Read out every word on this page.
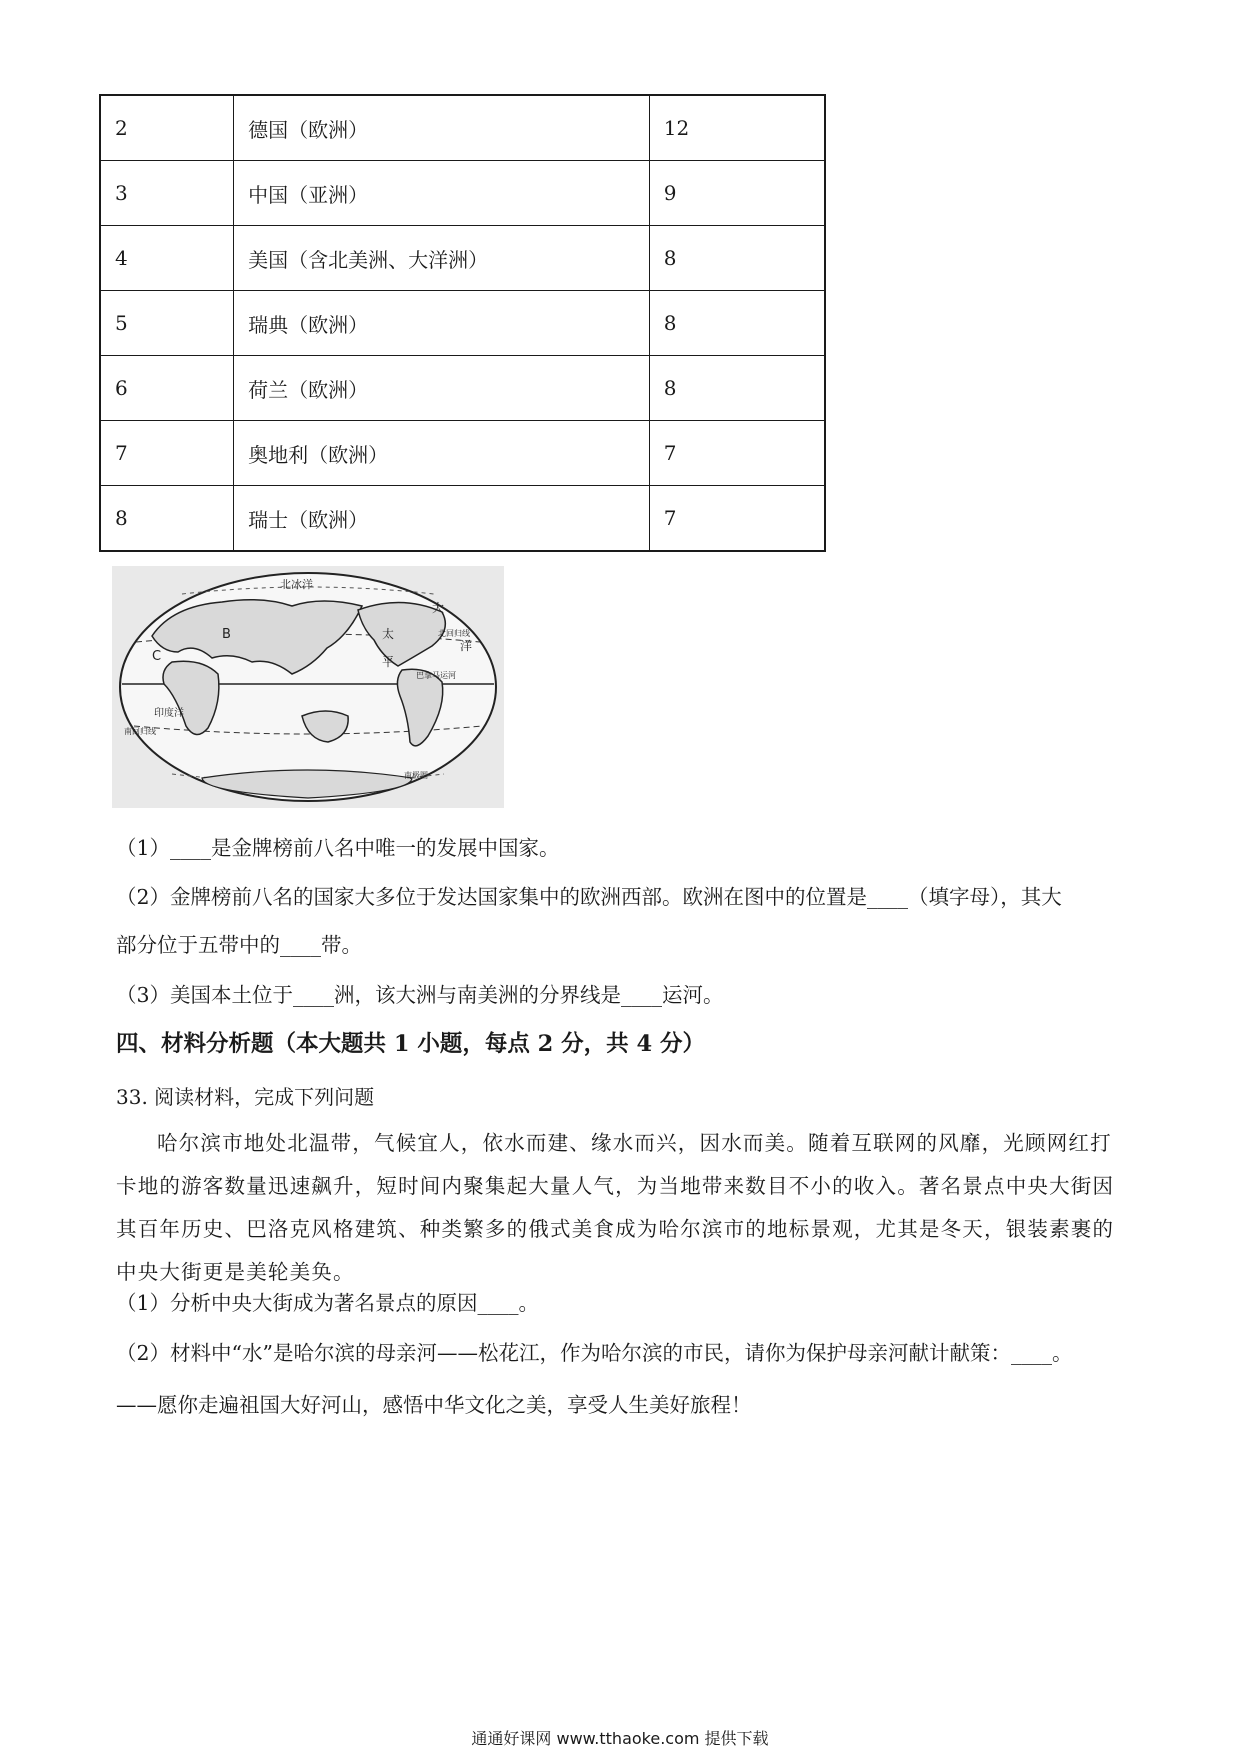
2	德国（欧洲）	12
3	中国（亚洲）	9
4	美国（含北美洲、大洋洲）	8
5	瑞典（欧洲）	8
6	荷兰（欧洲）	8
7	奥地利（欧洲）	7
8	瑞士（欧洲）	7
北冰洋
印度洋
大
太
平
洋
巴拿马运河
北回归线
南回归线
B
C
南极圈
（1）____是金牌榜前八名中唯一的发展中国家。
（2）金牌榜前八名的国家大多位于发达国家集中的欧洲西部。欧洲在图中的位置是____（填字母），其大
部分位于五带中的____带。
（3）美国本土位于____洲，该大洲与南美洲的分界线是____运河。
四、材料分析题（本大题共 1 小题，每点 2 分，共 4 分）
33. 阅读材料，完成下列问题
哈尔滨市地处北温带，气候宜人，依水而建、缘水而兴，因水而美。随着互联网的风靡，光顾网红打卡地的游客数量迅速飙升，短时间内聚集起大量人气，为当地带来数目不小的收入。著名景点中央大街因其百年历史、巴洛克风格建筑、种类繁多的俄式美食成为哈尔滨市的地标景观，尤其是冬天，银装素裹的中央大街更是美轮美奂。
（1）分析中央大街成为著名景点的原因____。
（2）材料中“水”是哈尔滨的母亲河——松花江，作为哈尔滨的市民，请你为保护母亲河献计献策：____。
——愿你走遍祖国大好河山，感悟中华文化之美，享受人生美好旅程！
通通好课网 www.tthaoke.com 提供下载
